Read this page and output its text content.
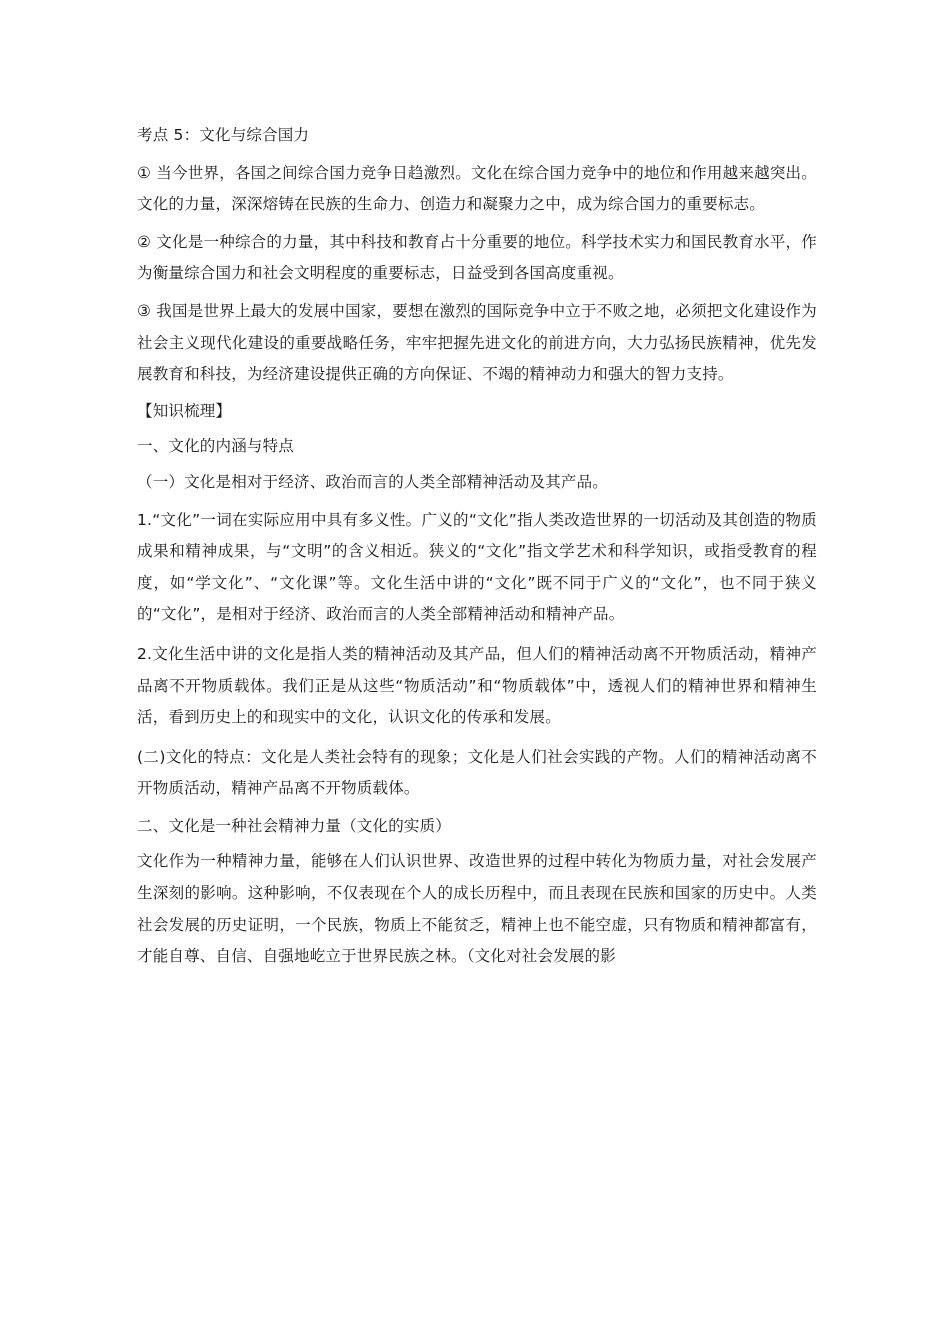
考点 5：文化与综合国力

① 当今世界，各国之间综合国力竞争日趋激烈。文化在综合国力竞争中的地位和作用越来越突出。文化的力量，深深熔铸在民族的生命力、创造力和凝聚力之中，成为综合国力的重要标志。

② 文化是一种综合的力量，其中科技和教育占十分重要的地位。科学技术实力和国民教育水平，作为衡量综合国力和社会文明程度的重要标志，日益受到各国高度重视。

③ 我国是世界上最大的发展中国家，要想在激烈的国际竞争中立于不败之地，必须把文化建设作为社会主义现代化建设的重要战略任务，牢牢把握先进文化的前进方向，大力弘扬民族精神，优先发展教育和科技，为经济建设提供正确的方向保证、不竭的精神动力和强大的智力支持。

【知识梳理】

一、文化的内涵与特点

（一）文化是相对于经济、政治而言的人类全部精神活动及其产品。

1.“文化”一词在实际应用中具有多义性。广义的“文化”指人类改造世界的一切活动及其创造的物质成果和精神成果，与“文明”的含义相近。狭义的“文化”指文学艺术和科学知识，或指受教育的程度，如“学文化”、“文化课”等。文化生活中讲的“文化”既不同于广义的“文化”，也不同于狭义的“文化”，是相对于经济、政治而言的人类全部精神活动和精神产品。

2.文化生活中讲的文化是指人类的精神活动及其产品，但人们的精神活动离不开物质活动，精神产品离不开物质载体。我们正是从这些“物质活动”和“物质载体”中，透视人们的精神世界和精神生活，看到历史上的和现实中的文化，认识文化的传承和发展。

(二)文化的特点：文化是人类社会特有的现象；文化是人们社会实践的产物。人们的精神活动离不开物质活动，精神产品离不开物质载体。

二、文化是一种社会精神力量（文化的实质）

文化作为一种精神力量，能够在人们认识世界、改造世界的过程中转化为物质力量，对社会发展产生深刻的影响。这种影响，不仅表现在个人的成长历程中，而且表现在民族和国家的历史中。人类社会发展的历史证明，一个民族，物质上不能贫乏，精神上也不能空虚，只有物质和精神都富有，才能自尊、自信、自强地屹立于世界民族之林。（文化对社会发展的影
